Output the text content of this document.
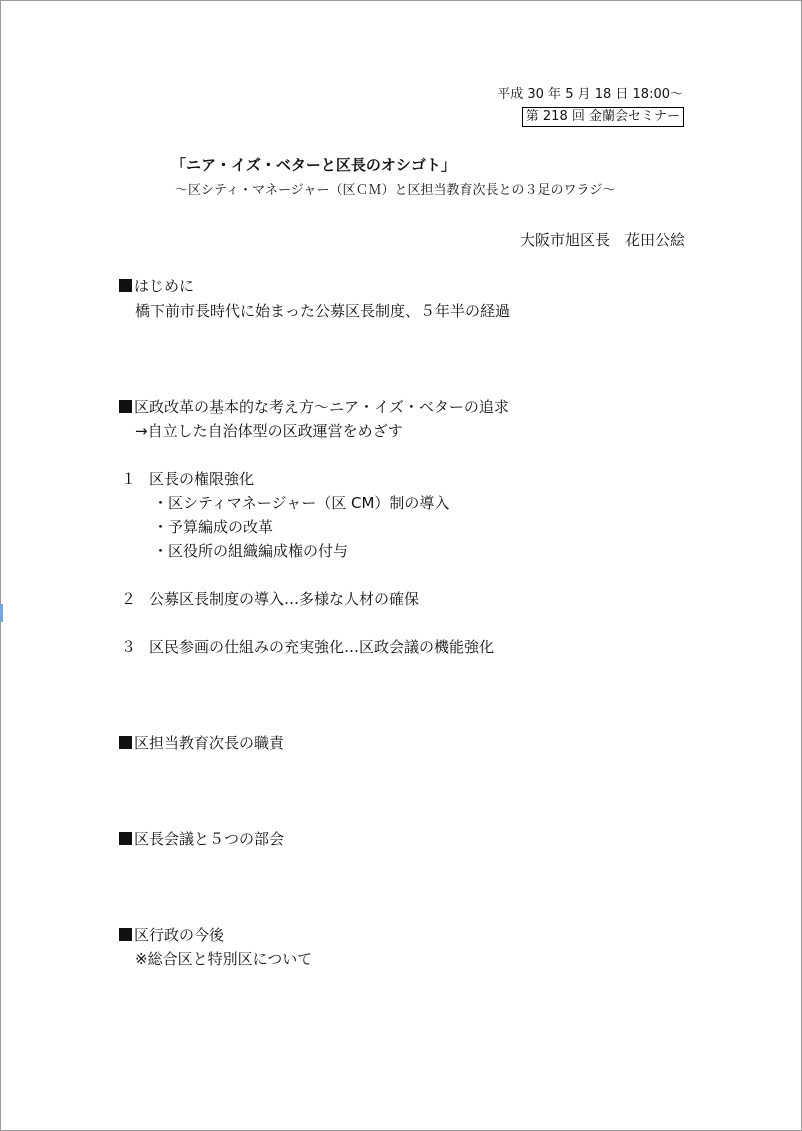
平成 30 年 5 月 18 日 18:00～
第 218 回 金蘭会セミナー
「ニア・イズ・ベターと区長のオシゴト」
～区シティ・マネージャー（区ＣＭ）と区担当教育次長との３足のワラジ～
大阪市旭区長　花田公絵
はじめに
橋下前市長時代に始まった公募区長制度、５年半の経過
区政改革の基本的な考え方～ニア・イズ・ベターの追求
→自立した自治体型の区政運営をめざす
１ 区長の権限強化
・区シティマネージャー（区 CM）制の導入
・予算編成の改革
・区役所の組織編成権の付与
２ 公募区長制度の導入…多様な人材の確保
３ 区民参画の仕組みの充実強化…区政会議の機能強化
区担当教育次長の職責
区長会議と５つの部会
区行政の今後
※総合区と特別区について
